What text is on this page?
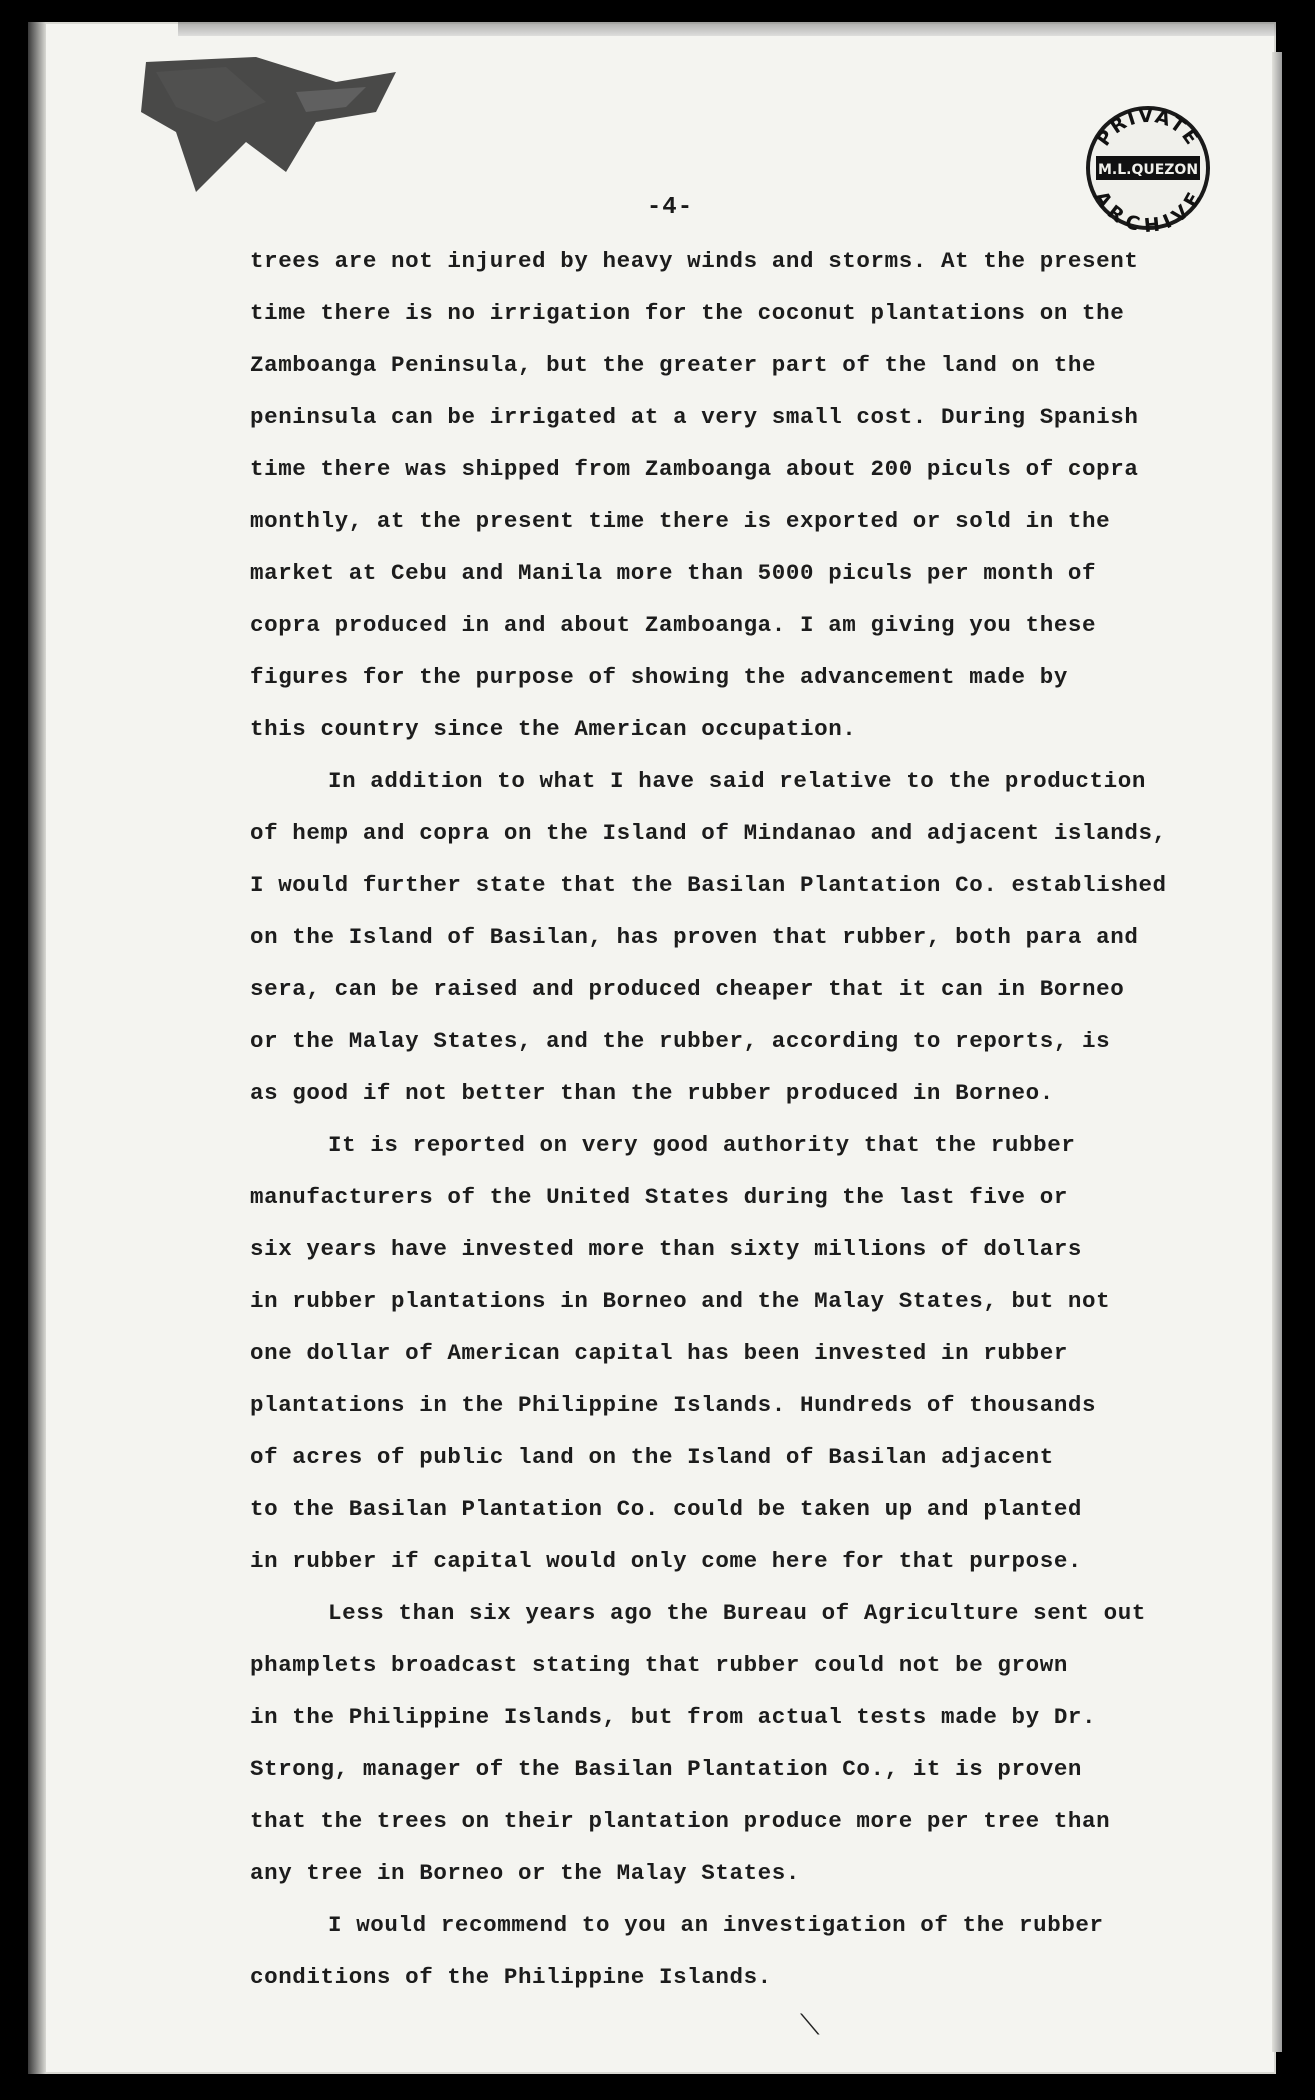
PRIVATE
M.L.QUEZON
ARCHIVE
-4-
trees are not injured by heavy winds and storms. At the present
time there is no irrigation for the coconut plantations on the
Zamboanga Peninsula, but the greater part of the land on the
peninsula can be irrigated at a very small cost. During Spanish
time there was shipped from Zamboanga about 200 piculs of copra
monthly, at the present time there is exported or sold in the
market at Cebu and Manila more than 5000 piculs per month of
copra produced in and about Zamboanga. I am giving you these
figures for the purpose of showing the advancement made by
this country since the American occupation.
In addition to what I have said relative to the production
of hemp and copra on the Island of Mindanao and adjacent islands,
I would further state that the Basilan Plantation Co. established
on the Island of Basilan, has proven that rubber, both para and
sera, can be raised and produced cheaper that it can in Borneo
or the Malay States, and the rubber, according to reports, is
as good if not better than the rubber produced in Borneo.
It is reported on very good authority that the rubber
manufacturers of the United States during the last five or
six years have invested more than sixty millions of dollars
in rubber plantations in Borneo and the Malay States, but not
one dollar of American capital has been invested in rubber
plantations in the Philippine Islands. Hundreds of thousands
of acres of public land on the Island of Basilan adjacent
to the Basilan Plantation Co. could be taken up and planted
in rubber if capital would only come here for that purpose.
Less than six years ago the Bureau of Agriculture sent out
phamplets broadcast stating that rubber could not be grown
in the Philippine Islands, but from actual tests made by Dr.
Strong, manager of the Basilan Plantation Co., it is proven
that the trees on their plantation produce more per tree than
any tree in Borneo or the Malay States.
I would recommend to you an investigation of the rubber
conditions of the Philippine Islands.
⟍
